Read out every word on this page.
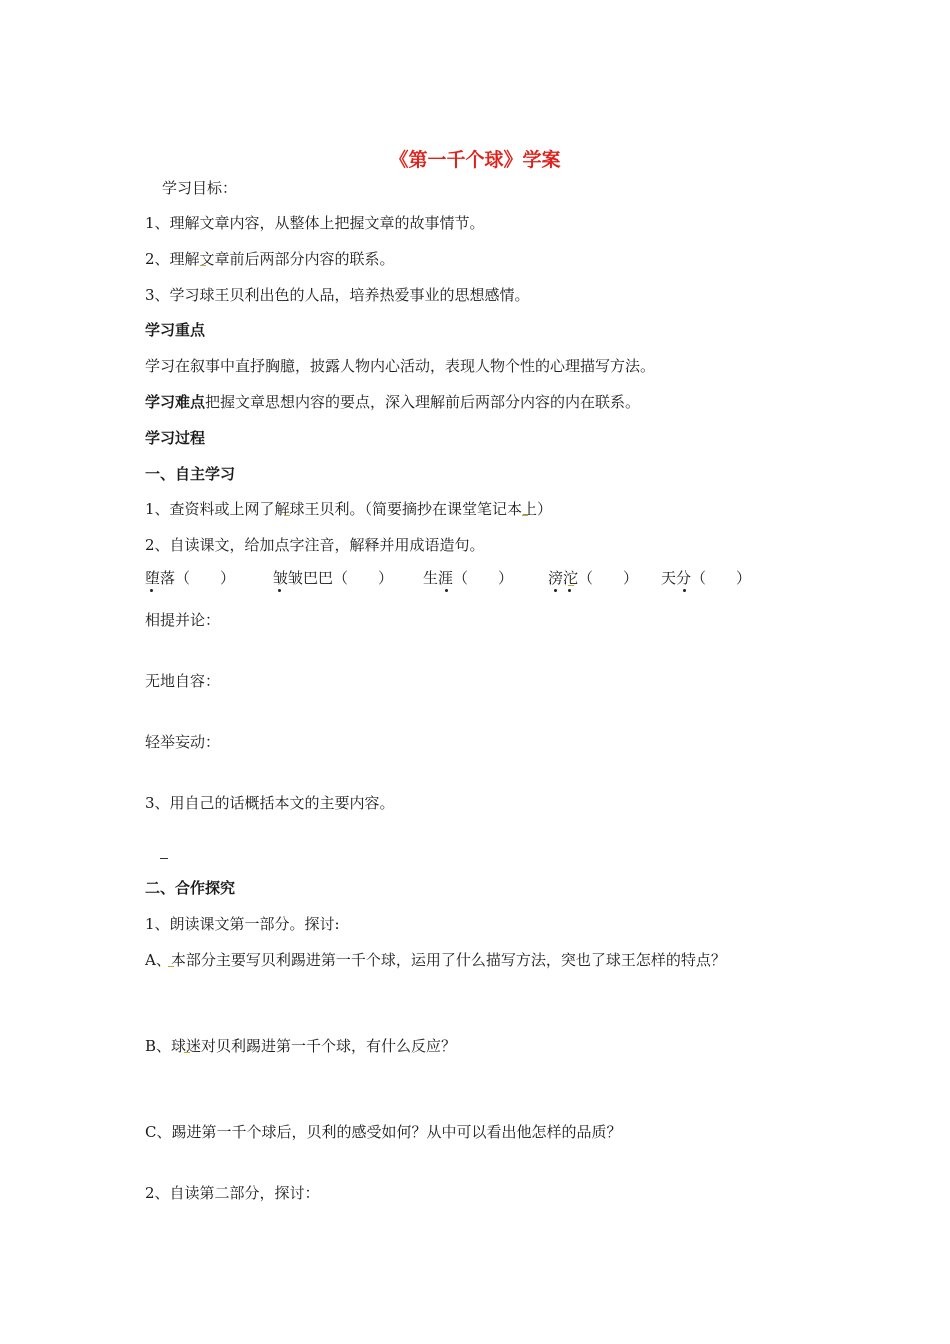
《第一千个球》学案
学习目标：
1、理解文章内容，从整体上把握文章的故事情节。
2、理解文章前后两部分内容的联系。
3、学习球王贝利出色的人品，培养热爱事业的思想感情。
学习重点
学习在叙事中直抒胸臆，披露人物内心活动，表现人物个性的心理描写方法。
学习难点把握文章思想内容的要点，深入理解前后两部分内容的内在联系。
学习过程
一、自主学习
1、查资料或上网了解球王贝利。（简要摘抄在课堂笔记本上）
2、自读课文，给加点字注音，解释并用成语造句。
堕落（　　）	皱皱巴巴（　　） 生涯（　　） 滂沱（　　） 天分（　　）
相提并论：
无地自容：
轻举妄动：
3、用自己的话概括本文的主要内容。
二、合作探究
1、朗读课文第一部分。探讨:
A、本部分主要写贝利踢进第一千个球，运用了什么描写方法，突也了球王怎样的特点？
B、球迷对贝利踢进第一千个球，有什么反应？
C、踢进第一千个球后，贝利的感受如何？从中可以看出他怎样的品质？
2、自读第二部分，探讨：
